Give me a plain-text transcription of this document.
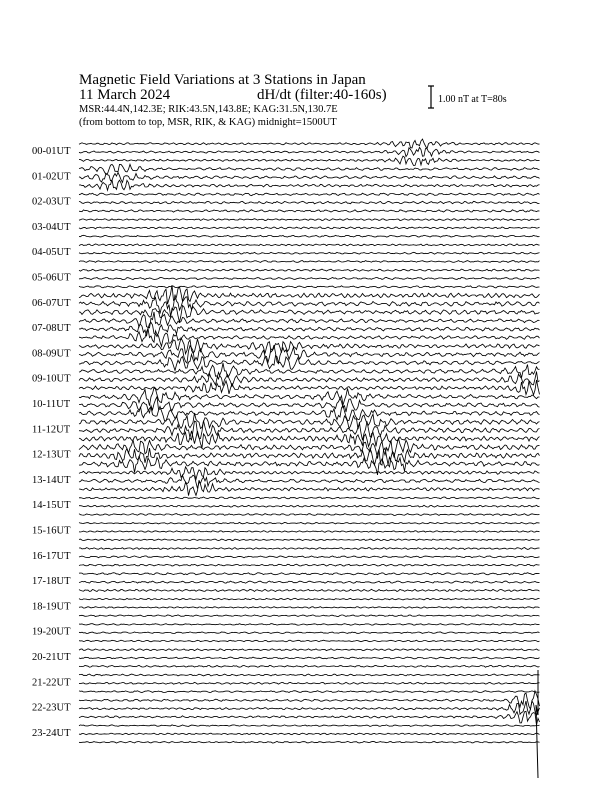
Magnetic Field Variations at 3 Stations in Japan
11 March 2024	dH/dt (filter:40-160s)
MSR:44.4N,142.3E; RIK:43.5N,143.8E; KAG:31.5N,130.7E
(from bottom to top, MSR, RIK, & KAG) midnight=1500UT
1.00 nT at T=80s
00-01UT
01-02UT
02-03UT
03-04UT
04-05UT
05-06UT
06-07UT
07-08UT
08-09UT
09-10UT
10-11UT
11-12UT
12-13UT
13-14UT
14-15UT
15-16UT
16-17UT
17-18UT
18-19UT
19-20UT
20-21UT
21-22UT
22-23UT
23-24UT
